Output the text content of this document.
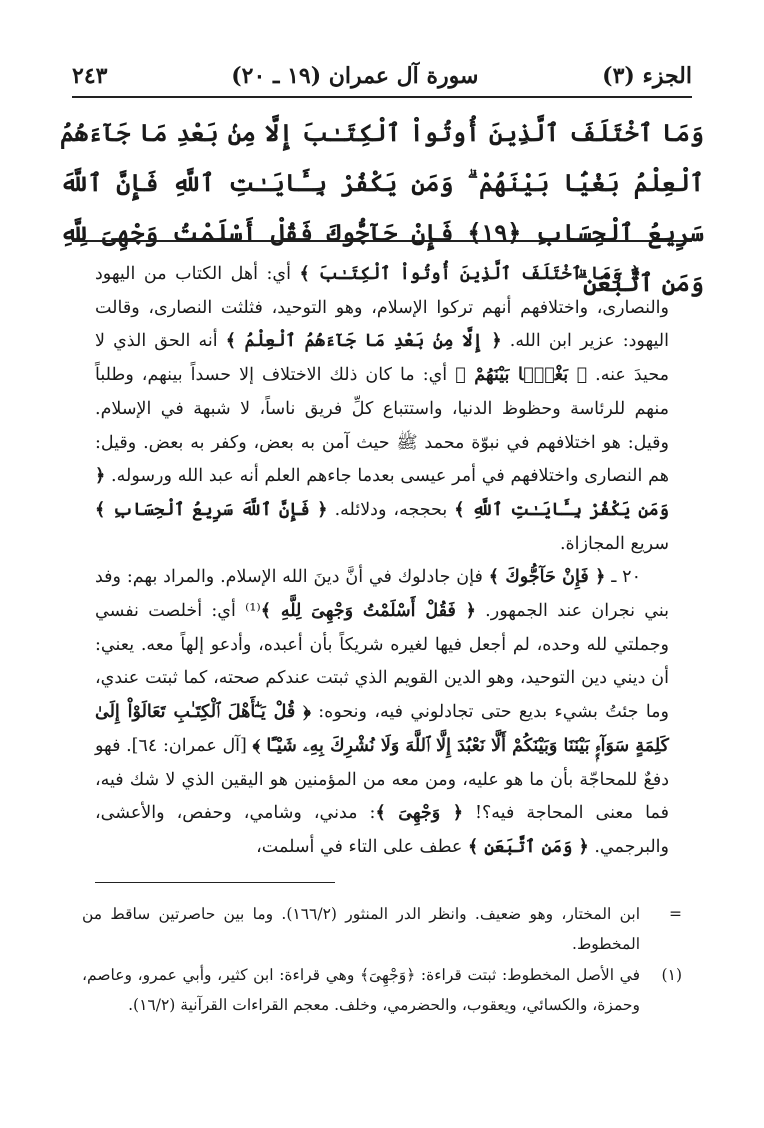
الجزء (٣)
سورة آل عمران (١٩ ـ ٢٠)
٢٤٣
وَمَا ٱخْتَلَفَ ٱلَّذِينَ أُوتُواْ ٱلْكِتَـٰبَ إِلَّا مِنۢ بَعْدِ مَا جَآءَهُمُ ٱلْعِلْمُ بَغْيَۢا بَيْنَهُمْ ۗ وَمَن يَكْفُرْ بِـَٔايَـٰتِ ٱللَّهِ فَإِنَّ ٱللَّهَ سَرِيعُ ٱلْحِسَابِ ﴿١٩﴾ فَإِنْ حَآجُّوكَ فَقُلْ أَسْلَمْتُ وَجْهِىَ لِلَّهِ وَمَنِ ٱتَّبَعَنِ ۗ

﴿ وَمَا ٱخْتَلَفَ ٱلَّذِينَ أُوتُواْ ٱلْكِتَـٰبَ ﴾ أي: أهل الكتاب من اليهود والنصارى، واختلافهم أنهم تركوا الإسلام، وهو التوحيد، فثلثت النصارى، وقالت اليهود: عزير ابن الله. ﴿ إِلَّا مِنۢ بَعْدِ مَا جَآءَهُمُ ٱلْعِلْمُ ﴾ أنه الحق الذي لا محيدَ عنه. ﴿ بَغْيَۢا بَيْنَهُمْ ﴾ أي: ما كان ذلك الاختلاف إلا حسداً بينهم، وطلباً منهم للرئاسة وحظوظ الدنيا، واستتباع كلِّ فريق ناساً، لا شبهة في الإسلام. وقيل: هو اختلافهم في نبوّة محمد ﷺ حيث آمن به بعض، وكفر به بعض. وقيل: هم النصارى واختلافهم في أمر عيسى بعدما جاءهم العلم أنه عبد الله ورسوله. ﴿ وَمَن يَكْفُرْ بِـَٔايَـٰتِ ٱللَّهِ ﴾ بحججه، ودلائله. ﴿ فَإِنَّ ٱللَّهَ سَرِيعُ ٱلْحِسَابِ ﴾ سريع المجازاة.

٢٠ ـ ﴿ فَإِنْ حَآجُّوكَ ﴾ فإن جادلوك في أنَّ دينَ الله الإسلام. والمراد بهم: وفد بني نجران عند الجمهور. ﴿ فَقُلْ أَسْلَمْتُ وَجْهِىَ لِلَّهِ ﴾⁽¹⁾ أي: أخلصت نفسي وجملتي لله وحده، لم أجعل فيها لغيره شريكاً بأن أعبده، وأدعو إلهاً معه. يعني: أن ديني دين التوحيد، وهو الدين القويم الذي ثبتت عندكم صحته، كما ثبتت عندي، وما جئتُ بشيء بديع حتى تجادلوني فيه، ونحوه: ﴿ قُلْ يَـٰٓأَهْلَ ٱلْكِتَـٰبِ تَعَالَوْاْ إِلَىٰ كَلِمَةٍ سَوَآءٍۭ بَيْنَنَا وَبَيْنَكُمْ أَلَّا نَعْبُدَ إِلَّا ٱللَّهَ وَلَا نُشْرِكَ بِهِۦ شَيْـًٔا ﴾ [آل عمران: ٦٤]. فهو دفعٌ للمحاجّة بأن ما هو عليه، ومن معه من المؤمنين هو اليقين الذي لا شك فيه، فما معنى المحاجة فيه؟! ﴿ وَجْهِىَ ﴾: مدني، وشامي، وحفص، والأعشى، والبرجمي. ﴿ وَمَنِ ٱتَّبَعَنِ ﴾ عطف على التاء في أسلمت،

=
ابن المختار، وهو ضعيف. وانظر الدر المنثور (١٦٦/٢). وما بين حاصرتين ساقط من المخطوط.
(١)
في الأصل المخطوط: ثبتت قراءة: ﴿وَجْهِىَ﴾ وهي قراءة: ابن كثير، وأبي عمرو، وعاصم، وحمزة، والكسائي، ويعقوب، والحضرمي، وخلف. معجم القراءات القرآنية (١٦/٢).
